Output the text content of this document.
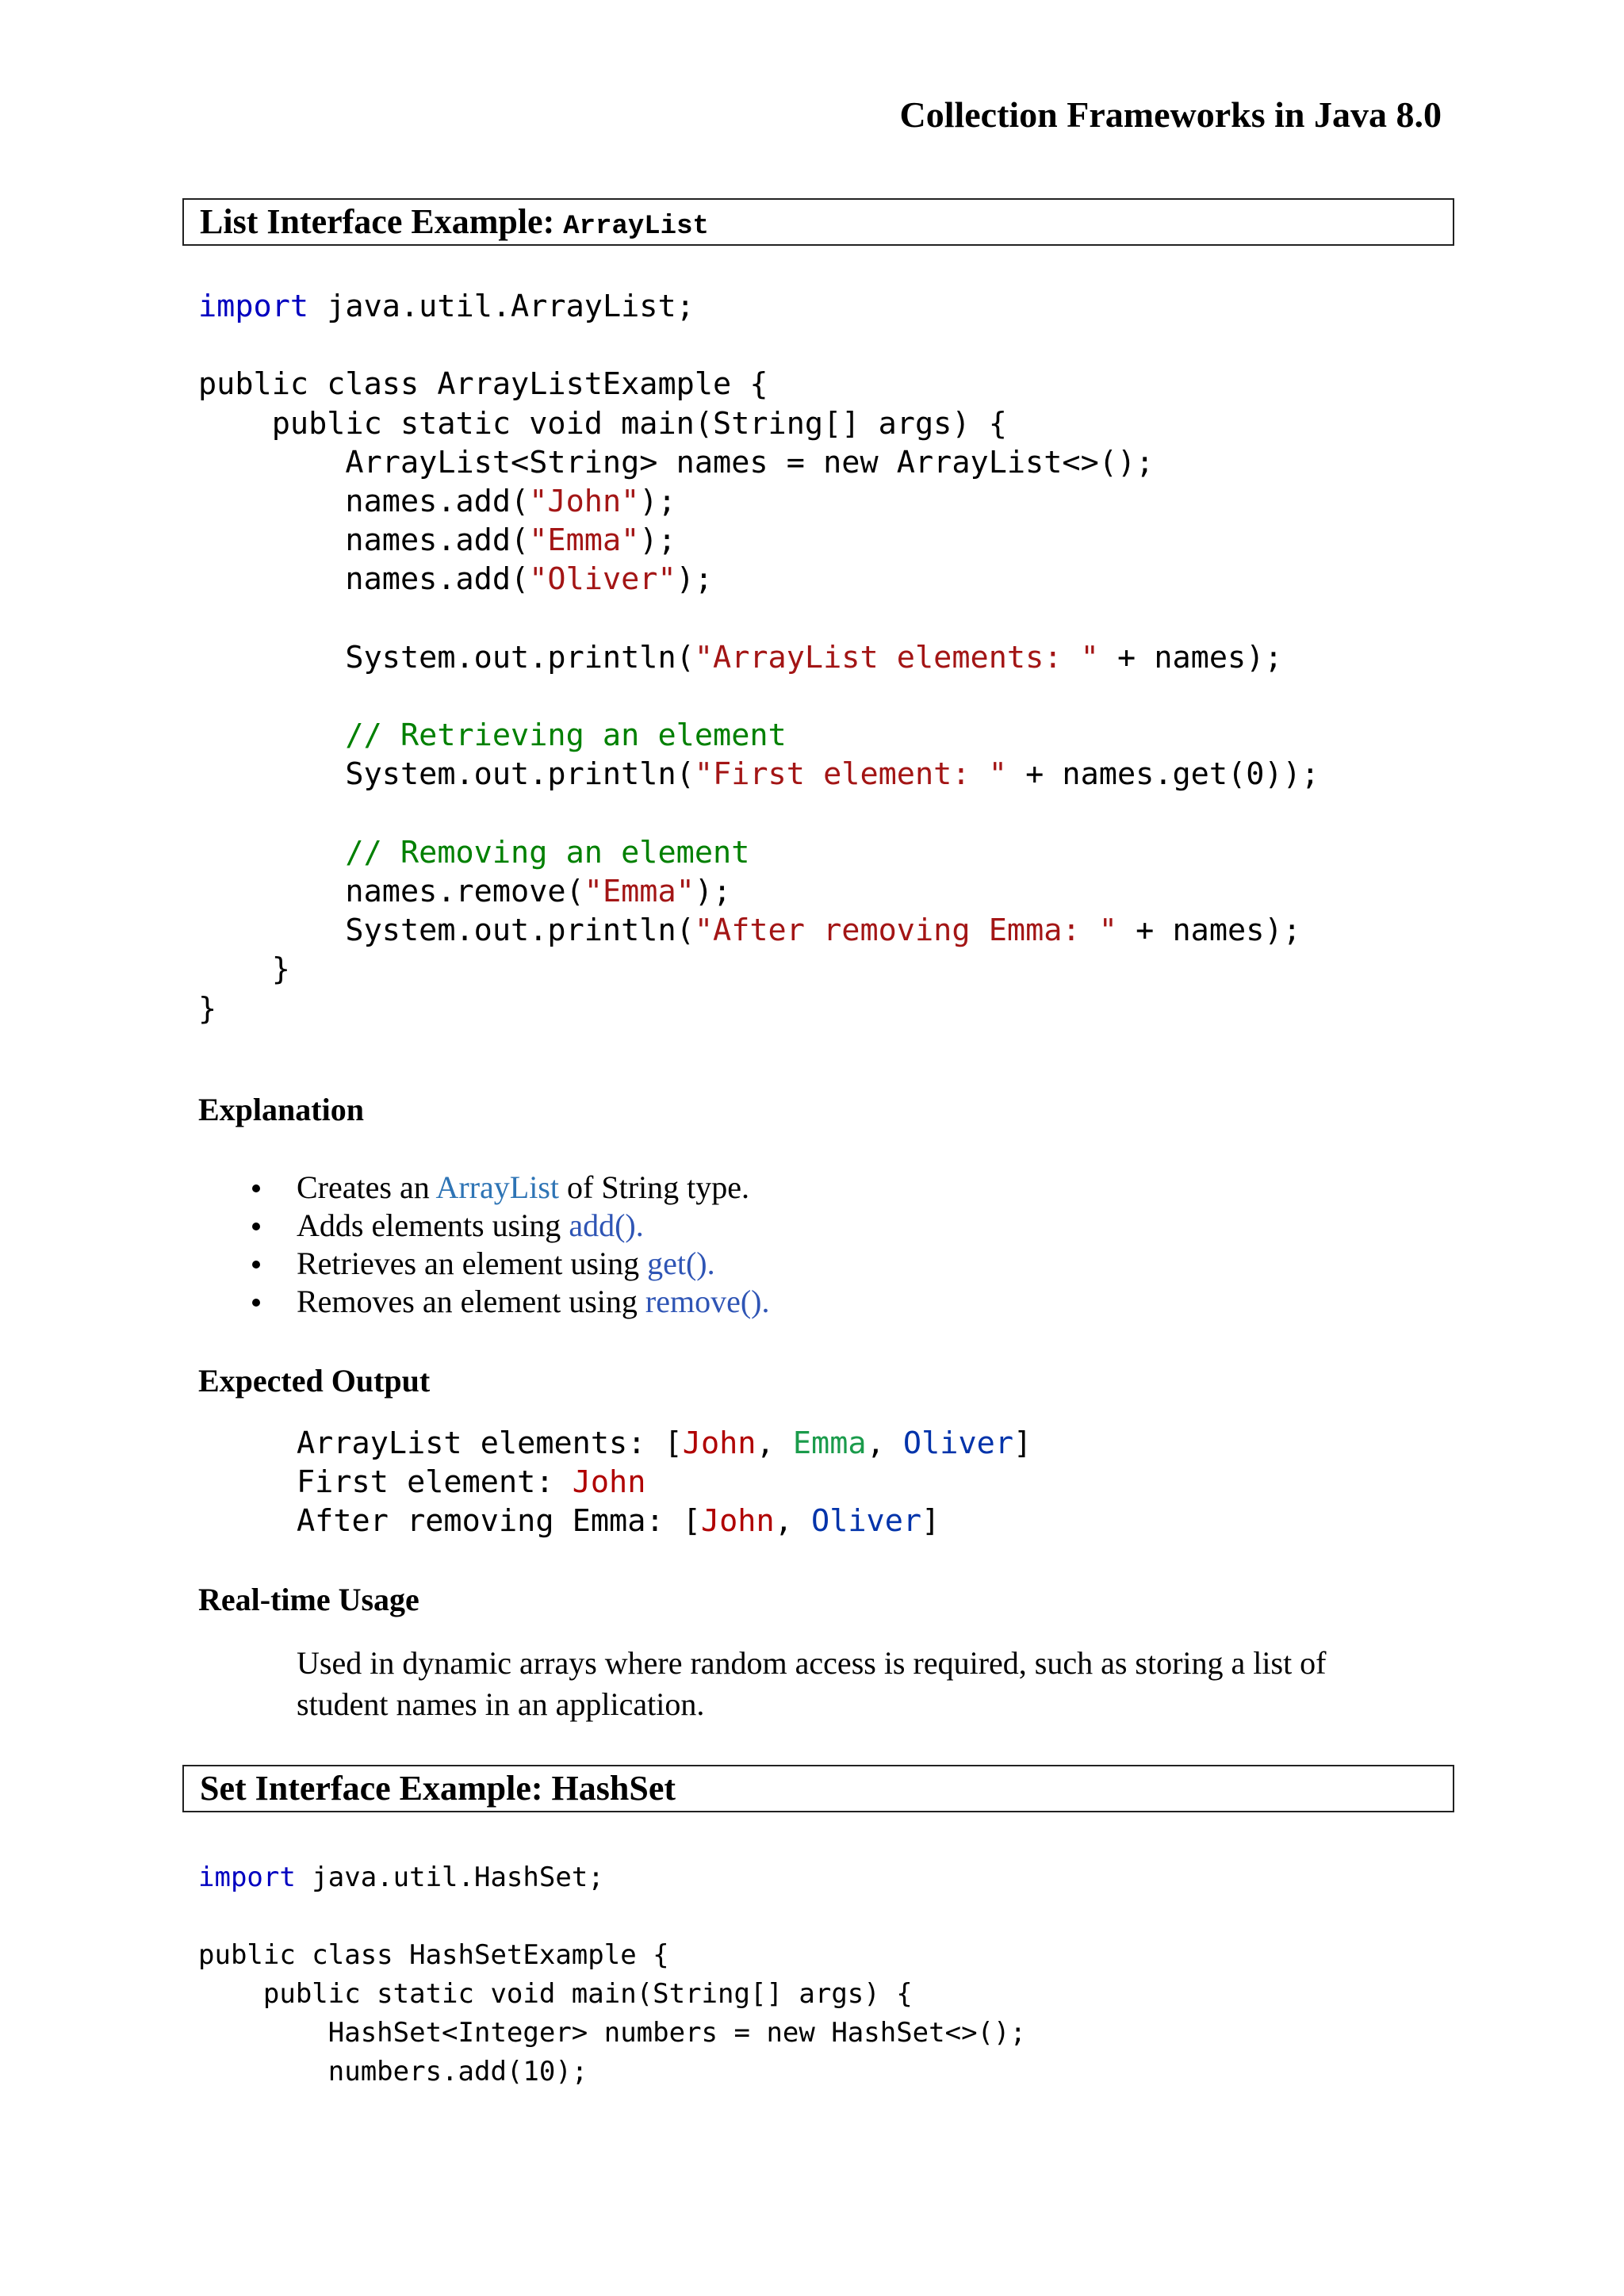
Collection Frameworks in Java 8.0
List Interface Example: ArrayList
import java.util.ArrayList;

public class ArrayListExample {
public static void main(String[] args) {
ArrayList<String> names = new ArrayList<>();
names.add("John");
names.add("Emma");
names.add("Oliver");

System.out.println("ArrayList elements: " + names);

// Retrieving an element
System.out.println("First element: " + names.get(0));

// Removing an element
names.remove("Emma");
System.out.println("After removing Emma: " + names);
}
}
Explanation
Creates an ArrayList of String type.
Adds elements using add().
Retrieves an element using get().
Removes an element using remove().
Expected Output
ArrayList elements: [John, Emma, Oliver]
First element: John
After removing Emma: [John, Oliver]
Real-time Usage

Used in dynamic arrays where random access is required, such as storing a list of student names in an application.

Set Interface Example: HashSet
import java.util.HashSet;

public class HashSetExample {
public static void main(String[] args) {
HashSet<Integer> numbers = new HashSet<>();
numbers.add(10);
